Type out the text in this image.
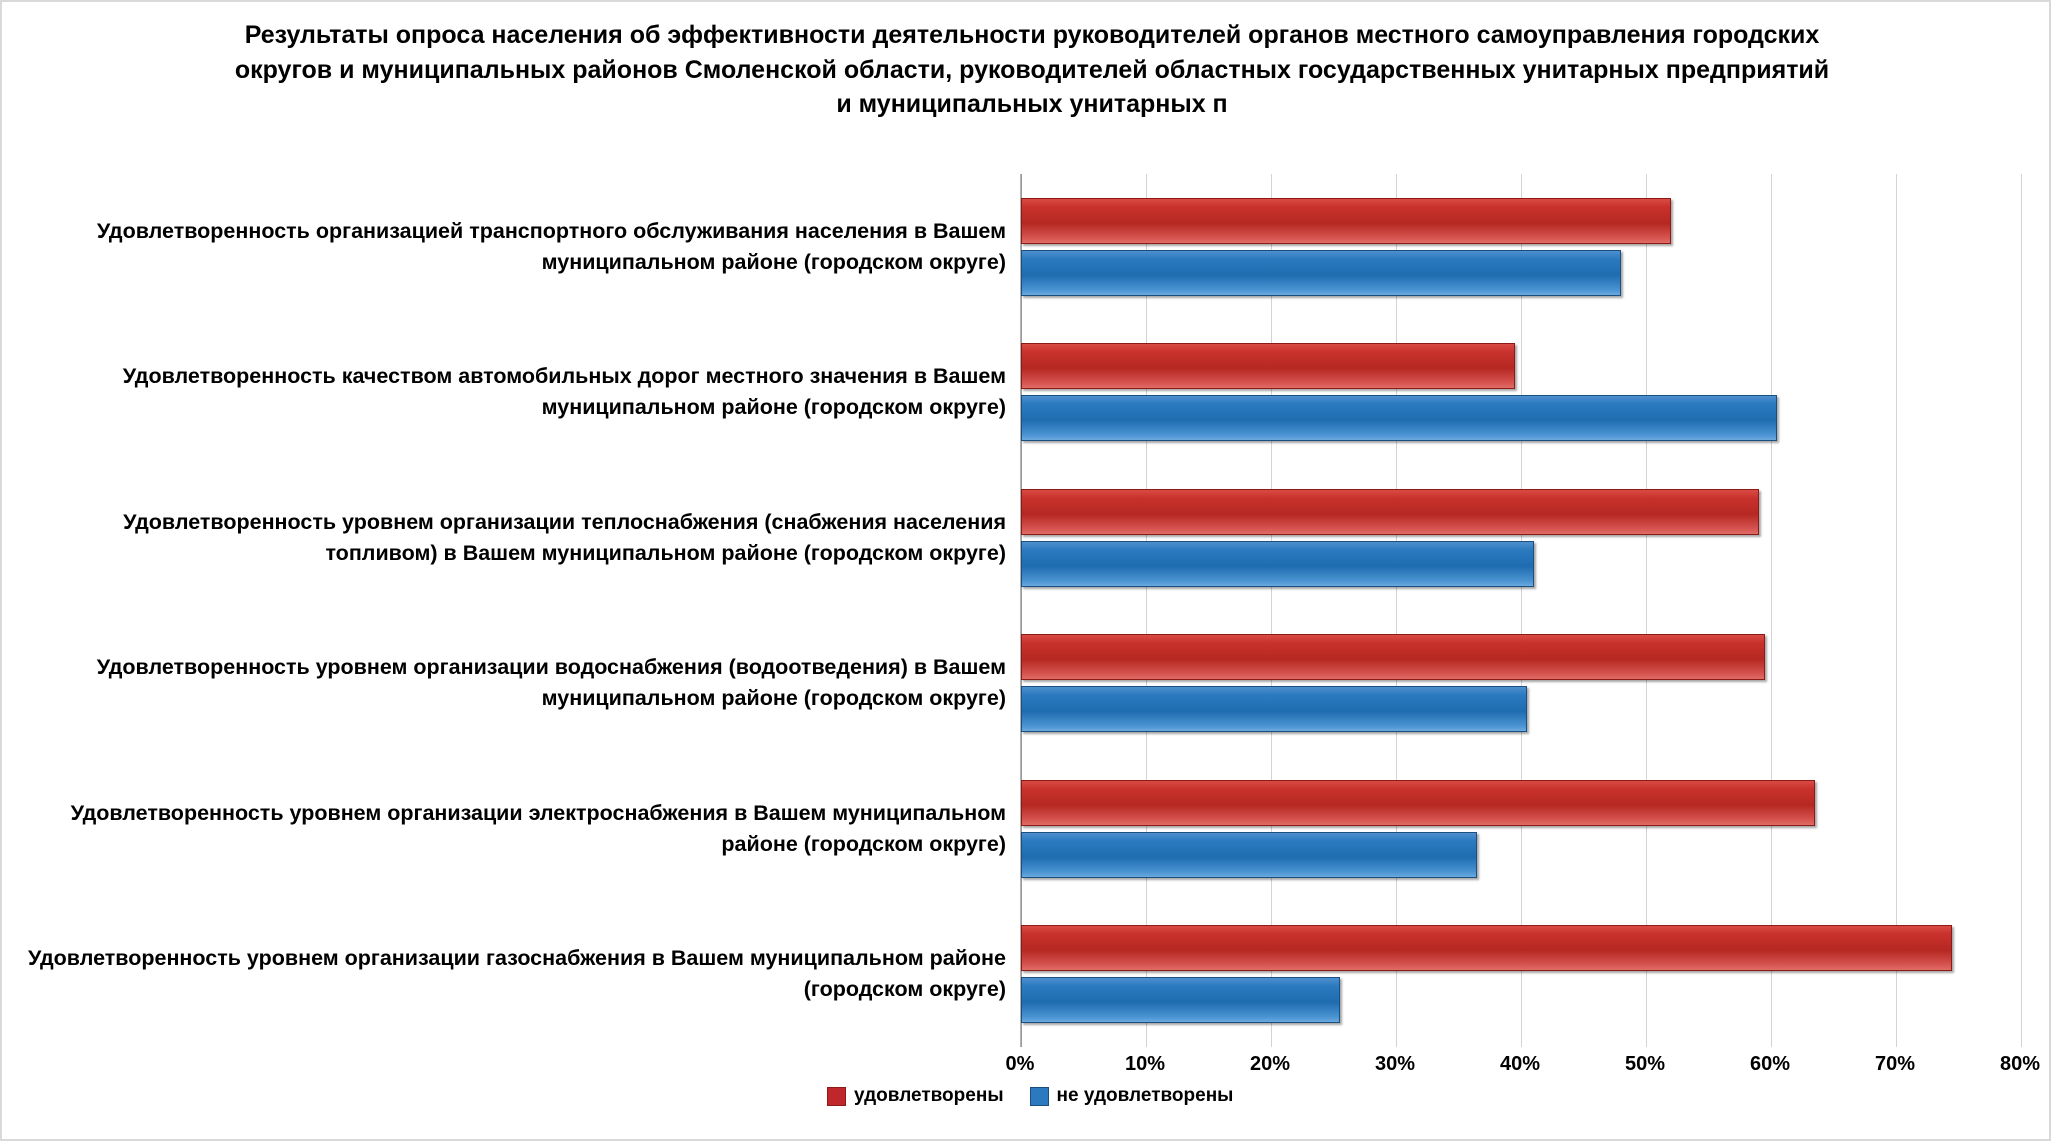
Результаты опроса населения об эффективности деятельности руководителей органов местного самоуправления городских округов и муниципальных районов Смоленской области, руководителей областных государственных унитарных предприятий и муниципальных унитарных п
0%	10%	20%	30%	40%	50%	60%	70%	80%
удовлетворены	не удовлетворены
Удовлетворенность организацией транспортного обслуживания населения в Вашем муниципальном районе (городском округе)
Удовлетворенность качеством автомобильных дорог местного значения в Вашем муниципальном районе (городском округе)
Удовлетворенность уровнем организации теплоснабжения (снабжения населения топливом) в Вашем муниципальном районе (городском округе)
Удовлетворенность уровнем организации водоснабжения (водоотведения) в Вашем муниципальном районе (городском округе)
Удовлетворенность уровнем организации электроснабжения в Вашем муниципальном районе (городском округе)
Удовлетворенность уровнем организации газоснабжения в Вашем муниципальном районе (городском округе)
